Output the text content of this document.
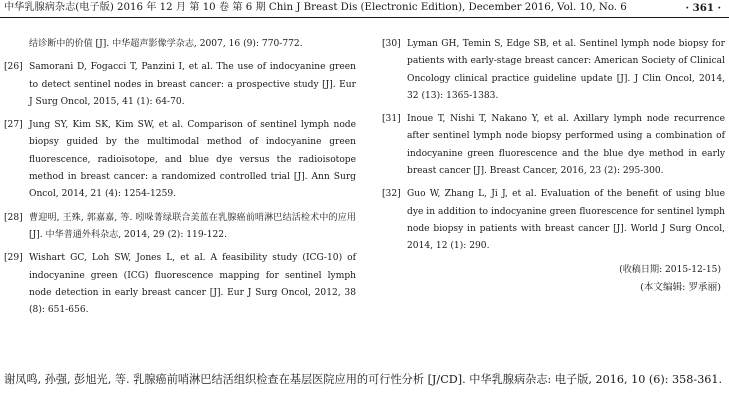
中华乳腺病杂志(电子版) 2016 年 12 月 第 10 卷 第 6 期 Chin J Breast Dis (Electronic Edition), December 2016, Vol. 10, No. 6	· 361 ·
结诊断中的价值 [J]. 中华超声影像学杂志, 2007, 16 (9): 770-772.
[26] Samorani D, Fogacci T, Panzini I, et al. The use of indocyanine green to detect sentinel nodes in breast cancer: a prospective study [J]. Eur J Surg Oncol, 2015, 41 (1): 64-70.
[27] Jung SY, Kim SK, Kim SW, et al. Comparison of sentinel lymph node biopsy guided by the multimodal method of indocyanine green fluorescence, radioisotope, and blue dye versus the radioisotope method in breast cancer: a randomized controlled trial [J]. Ann Surg Oncol, 2014, 21 (4): 1254-1259.
[28] 曹迎明, 王殊, 郭嘉嘉, 等. 吲哚菁绿联合美蓝在乳腺癌前哨淋巴结活检术中的应用 [J]. 中华普通外科杂志, 2014, 29 (2): 119-122.
[29] Wishart GC, Loh SW, Jones L, et al. A feasibility study (ICG-10) of indocyanine green (ICG) fluorescence mapping for sentinel lymph node detection in early breast cancer [J]. Eur J Surg Oncol, 2012, 38 (8): 651-656.
[30] Lyman GH, Temin S, Edge SB, et al. Sentinel lymph node biopsy for patients with early-stage breast cancer: American Society of Clinical Oncology clinical practice guideline update [J]. J Clin Oncol, 2014, 32 (13): 1365-1383.
[31] Inoue T, Nishi T, Nakano Y, et al. Axillary lymph node recurrence after sentinel lymph node biopsy performed using a combination of indocyanine green fluorescence and the blue dye method in early breast cancer [J]. Breast Cancer, 2016, 23 (2): 295-300.
[32] Guo W, Zhang L, Ji J, et al. Evaluation of the benefit of using blue dye in addition to indocyanine green fluorescence for sentinel lymph node biopsy in patients with breast cancer [J]. World J Surg Oncol, 2014, 12 (1): 290.
(收稿日期: 2015-12-15)
(本文编辑: 罗承丽)
谢凤鸣, 孙强, 彭旭光, 等. 乳腺癌前哨淋巴结活组织检查在基层医院应用的可行性分析 [J/CD]. 中华乳腺病杂志: 电子版, 2016, 10 (6): 358-361.
